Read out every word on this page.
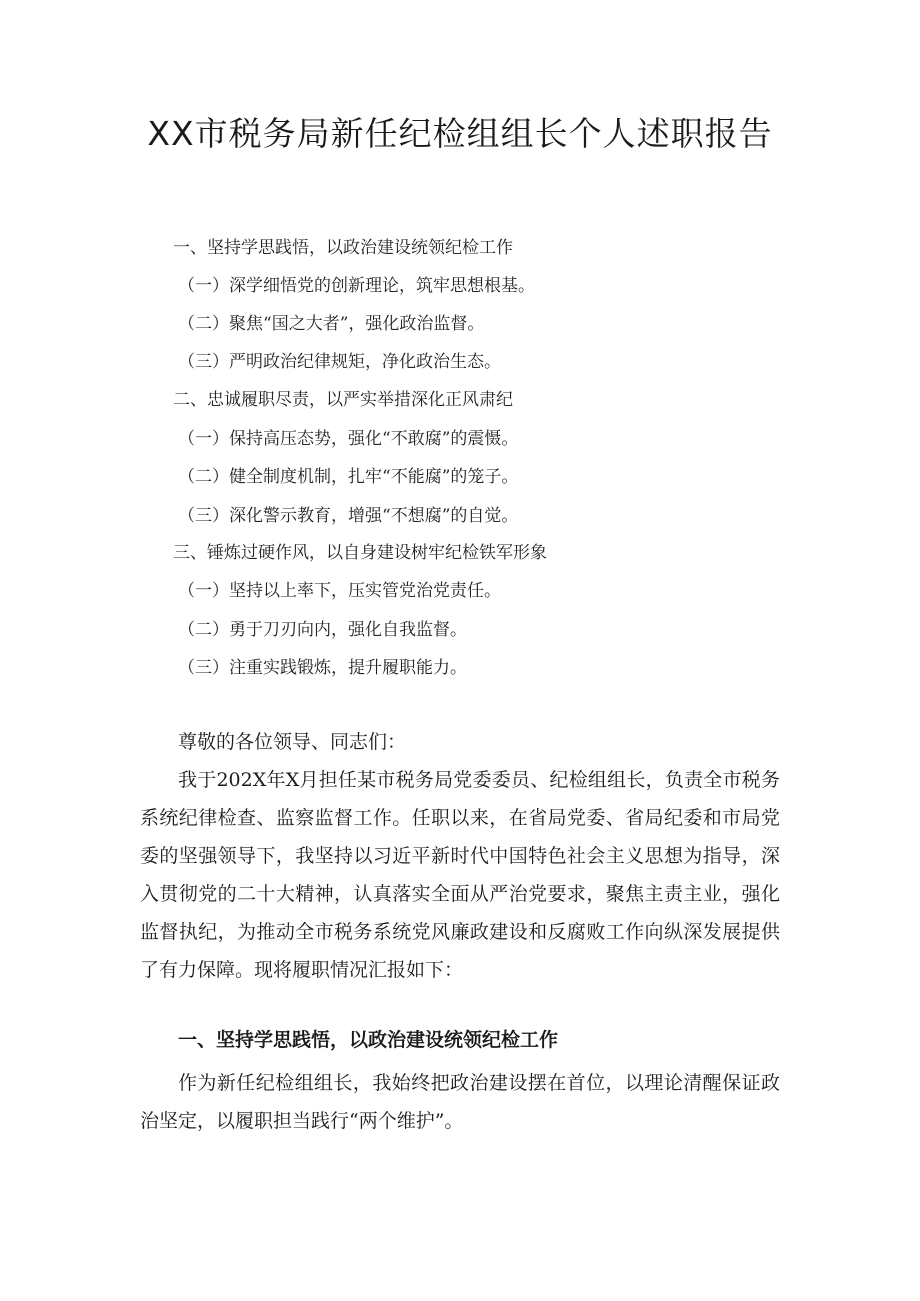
XX市税务局新任纪检组组长个人述职报告
一、坚持学思践悟，以政治建设统领纪检工作
（一）深学细悟党的创新理论，筑牢思想根基。
（二）聚焦“国之大者”，强化政治监督。
（三）严明政治纪律规矩，净化政治生态。
二、忠诚履职尽责，以严实举措深化正风肃纪
（一）保持高压态势，强化“不敢腐”的震慑。
（二）健全制度机制，扎牢“不能腐”的笼子。
（三）深化警示教育，增强“不想腐”的自觉。
三、锤炼过硬作风，以自身建设树牢纪检铁军形象
（一）坚持以上率下，压实管党治党责任。
（二）勇于刀刃向内，强化自我监督。
（三）注重实践锻炼，提升履职能力。
尊敬的各位领导、同志们：

我于202X年X月担任某市税务局党委委员、纪检组组长，负责全市税务系统纪律检查、监察监督工作。任职以来，在省局党委、省局纪委和市局党委的坚强领导下，我坚持以习近平新时代中国特色社会主义思想为指导，深入贯彻党的二十大精神，认真落实全面从严治党要求，聚焦主责主业，强化监督执纪，为推动全市税务系统党风廉政建设和反腐败工作向纵深发展提供了有力保障。现将履职情况汇报如下：

一、坚持学思践悟，以政治建设统领纪检工作

作为新任纪检组组长，我始终把政治建设摆在首位，以理论清醒保证政治坚定，以履职担当践行“两个维护”。
